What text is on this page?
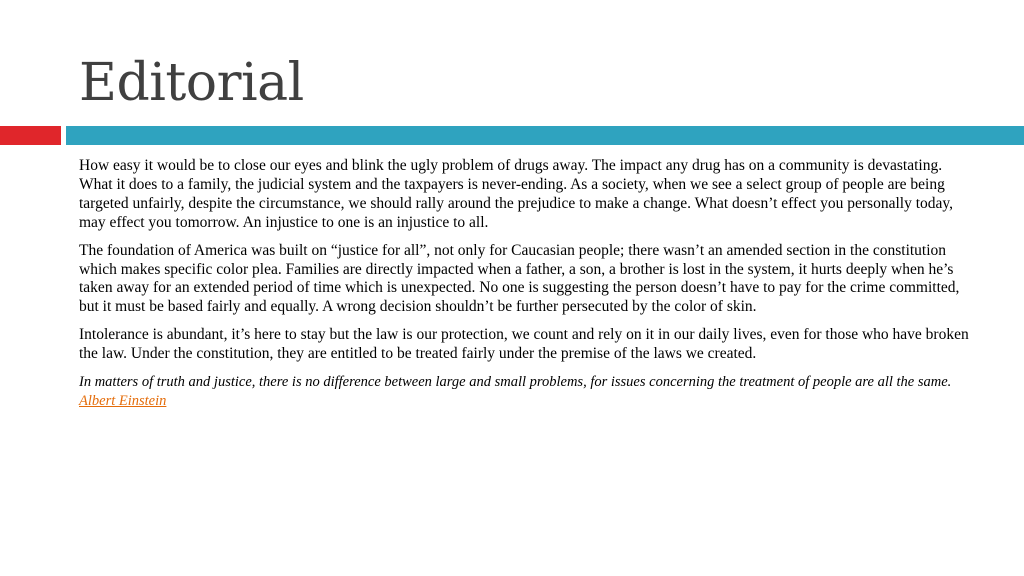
Editorial

How easy it would be to close our eyes and blink the ugly problem of drugs away. The impact any drug has on a community is devastating. What it does to a family, the judicial system and the taxpayers is never-ending. As a society, when we see a select group of people are being targeted unfairly, despite the circumstance, we should rally around the prejudice to make a change. What doesn’t effect you personally today, may effect you tomorrow. An injustice to one is an injustice to all.

The foundation of America was built on “justice for all”, not only for Caucasian people; there wasn’t an amended section in the constitution which makes specific color plea. Families are directly impacted when a father, a son, a brother is lost in the system, it hurts deeply when he’s taken away for an extended period of time which is unexpected. No one is suggesting the person doesn’t have to pay for the crime committed, but it must be based fairly and equally. A wrong decision shouldn’t be further persecuted by the color of skin.

Intolerance is abundant, it’s here to stay but the law is our protection, we count and rely on it in our daily lives, even for those who have broken the law. Under the constitution, they are entitled to be treated fairly under the premise of the laws we created.

In matters of truth and justice, there is no difference between large and small problems, for issues concerning the treatment of people are all the same. Albert Einstein
